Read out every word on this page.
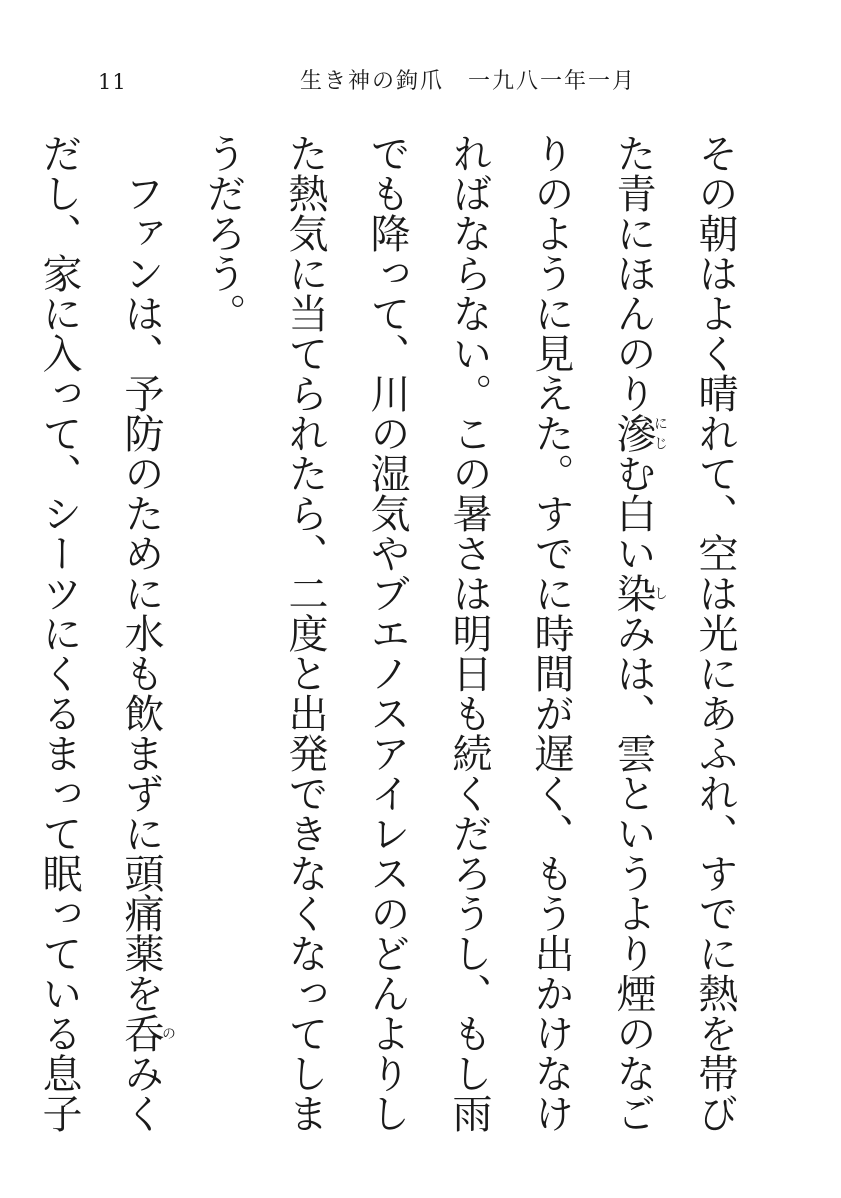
11	生き神の鉤爪　一九八一年一月

その朝はよく晴れて、空は光にあふれ、すでに熱を帯びた青にほんのり滲にじむ白い染しみは、雲というより煙のなごりのように見えた。すでに時間が遅く、もう出かけなければならない。この暑さは明日も続くだろうし、もし雨でも降って、川の湿気やブエノスアイレスのどんよりした熱気に当てられたら、二度と出発できなくなってしまうだろう。

ファンは、予防のために水も飲まずに頭痛薬を呑のみくだし、家に入って、シーツにくるまって眠っている息子　
